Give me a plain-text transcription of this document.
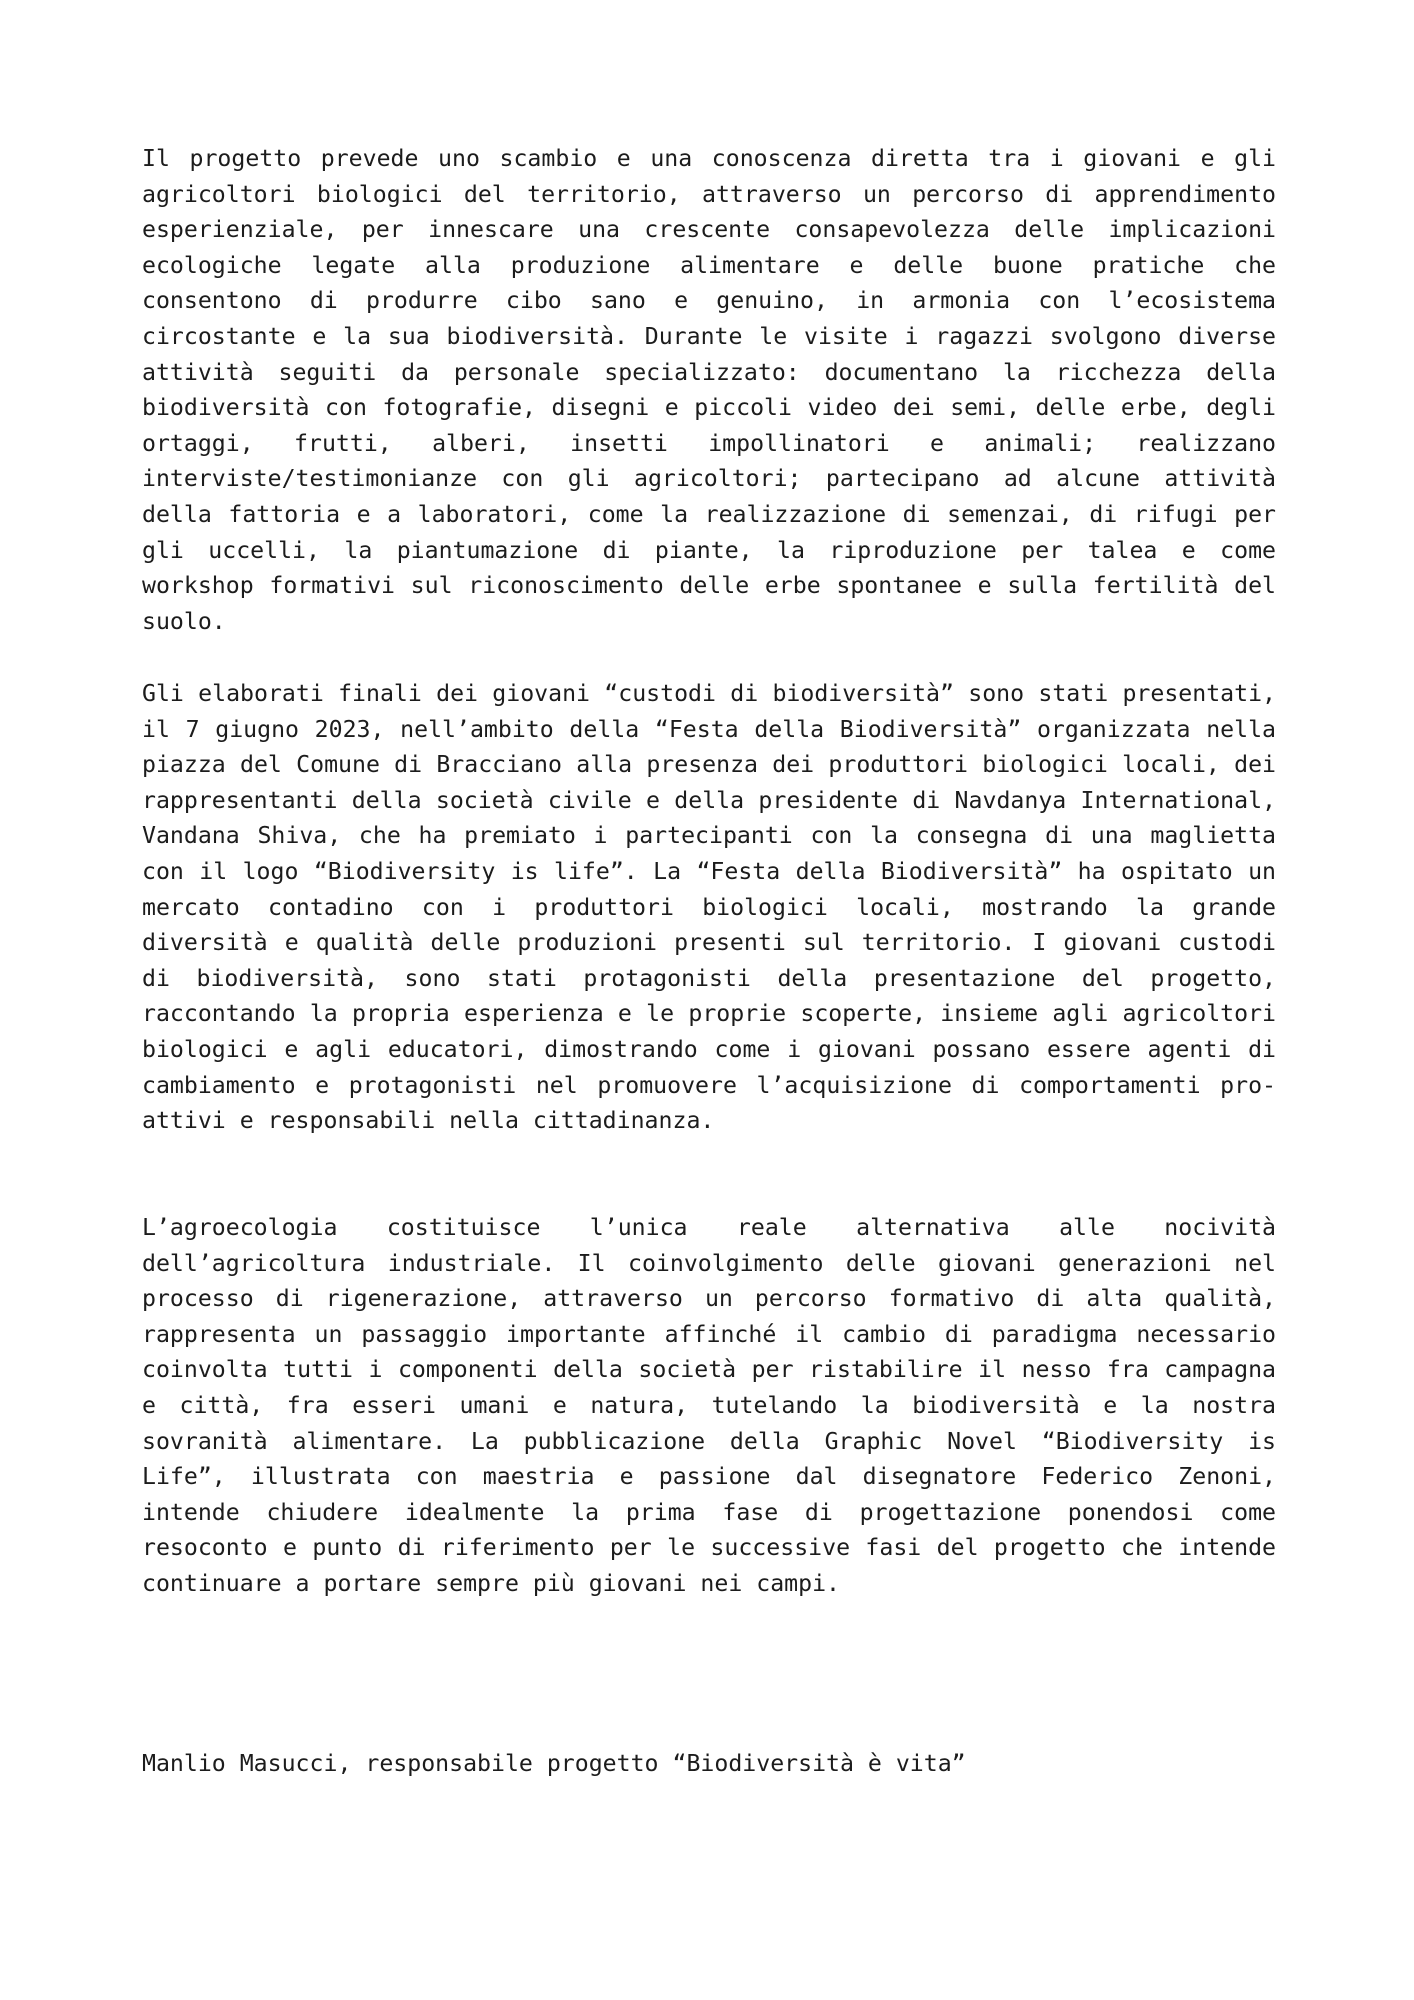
Il progetto prevede uno scambio e una conoscenza diretta tra i giovani e gli agricoltori biologici del territorio, attraverso un percorso di apprendimento esperienziale, per innescare una crescente consapevolezza delle implicazioni ecologiche legate alla produzione alimentare e delle buone pratiche che consentono di produrre cibo sano e genuino, in armonia con l’ecosistema circostante e la sua biodiversità. Durante le visite i ragazzi svolgono diverse attività seguiti da personale specializzato: documentano la ricchezza della biodiversità con fotografie, disegni e piccoli video dei semi, delle erbe, degli ortaggi, frutti, alberi, insetti impollinatori e animali; realizzano interviste/testimonianze con gli agricoltori; partecipano ad alcune attività della fattoria e a laboratori, come la realizzazione di semenzai, di rifugi per gli uccelli, la piantumazione di piante, la riproduzione per talea e come workshop formativi sul riconoscimento delle erbe spontanee e sulla fertilità del suolo.

Gli elaborati finali dei giovani “custodi di biodiversità” sono stati presentati, il 7 giugno 2023, nell’ambito della “Festa della Biodiversità” organizzata nella piazza del Comune di Bracciano alla presenza dei produttori biologici locali, dei rappresentanti della società civile e della presidente di Navdanya International, Vandana Shiva, che ha premiato i partecipanti con la consegna di una maglietta con il logo “Biodiversity is life”. La “Festa della Biodiversità” ha ospitato un mercato contadino con i produttori biologici locali, mostrando la grande diversità e qualità delle produzioni presenti sul territorio. I giovani custodi di biodiversità, sono stati protagonisti della presentazione del progetto, raccontando la propria esperienza e le proprie scoperte, insieme agli agricoltori biologici e agli educatori, dimostrando come i giovani possano essere agenti di cambiamento e protagonisti nel promuovere l’acquisizione di comportamenti pro-attivi e responsabili nella cittadinanza.

L’agroecologia costituisce l’unica reale alternativa alle nocività dell’agricoltura industriale. Il coinvolgimento delle giovani generazioni nel processo di rigenerazione, attraverso un percorso formativo di alta qualità, rappresenta un passaggio importante affinché il cambio di paradigma necessario coinvolta tutti i componenti della società per ristabilire il nesso fra campagna e città, fra esseri umani e natura, tutelando la biodiversità e la nostra sovranità alimentare. La pubblicazione della Graphic Novel “Biodiversity is Life”, illustrata con maestria e passione dal disegnatore Federico Zenoni, intende chiudere idealmente la prima fase di progettazione ponendosi come resoconto e punto di riferimento per le successive fasi del progetto che intende continuare a portare sempre più giovani nei campi.

Manlio Masucci, responsabile progetto “Biodiversità è vita”
